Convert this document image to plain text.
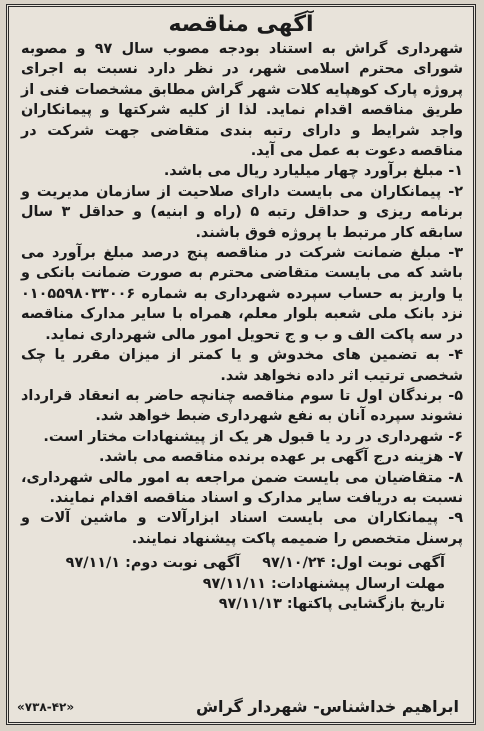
آگهی مناقصه

شهرداری گراش به استناد بودجه مصوب سال ۹۷ و مصوبه شورای محترم اسلامی شهر، در نظر دارد نسبت به اجرای پروژه پارک کوهپایه کلات شهر گراش مطابق مشخصات فنی از طریق مناقصه اقدام نماید. لذا از کلیه شرکتها و پیمانکاران واجد شرایط و دارای رتبه بندی متقاضی جهت شرکت در مناقصه دعوت به عمل می آید.

۱- مبلغ برآورد چهار میلیارد ریال می باشد.

۲- پیمانکاران می بایست دارای صلاحیت از سازمان مدیریت و برنامه ریزی و حداقل رتبه ۵ (راه و ابنیه) و حداقل ۳ سال سابقه کار مرتبط با پروژه فوق باشند.

۳- مبلغ ضمانت شرکت در مناقصه پنج درصد مبلغ برآورد می باشد که می بایست متقاضی محترم به صورت ضمانت بانکی و یا واریز به حساب سپرده شهرداری به شماره ۰۱۰۵۵۹۸۰۳۳۰۰۶ نزد بانک ملی شعبه بلوار معلم، همراه با سایر مدارک مناقصه در سه پاکت الف و ب و ج تحویل امور مالی شهرداری نماید.

۴- به تضمین های مخدوش و یا کمتر از میزان مقرر یا چک شخصی ترتیب اثر داده نخواهد شد.

۵- برندگان اول تا سوم مناقصه چنانچه حاضر به انعقاد قرارداد نشوند سپرده آنان به نفع شهرداری ضبط خواهد شد.

۶- شهرداری در رد یا قبول هر یک از پیشنهادات مختار است.

۷- هزینه درج آگهی بر عهده برنده مناقصه می باشد.

۸- متقاضیان می بایست ضمن مراجعه به امور مالی شهرداری، نسبت به دریافت سایر مدارک و اسناد مناقصه اقدام نمایند.

۹- پیمانکاران می بایست اسناد ابزارآلات و ماشین آلات و پرسنل متخصص را ضمیمه پاکت پیشنهاد نمایند.

آگهی نوبت اول: ۹۷/۱۰/۲۴
آگهی نوبت دوم: ۹۷/۱۱/۱
مهلت ارسال پیشنهادات: ۹۷/۱۱/۱۱
تاریخ بازگشایی پاکتها: ۹۷/۱۱/۱۳
ابراهیم خداشناس- شهردار گراش
«۷۳۸-۴۲»
